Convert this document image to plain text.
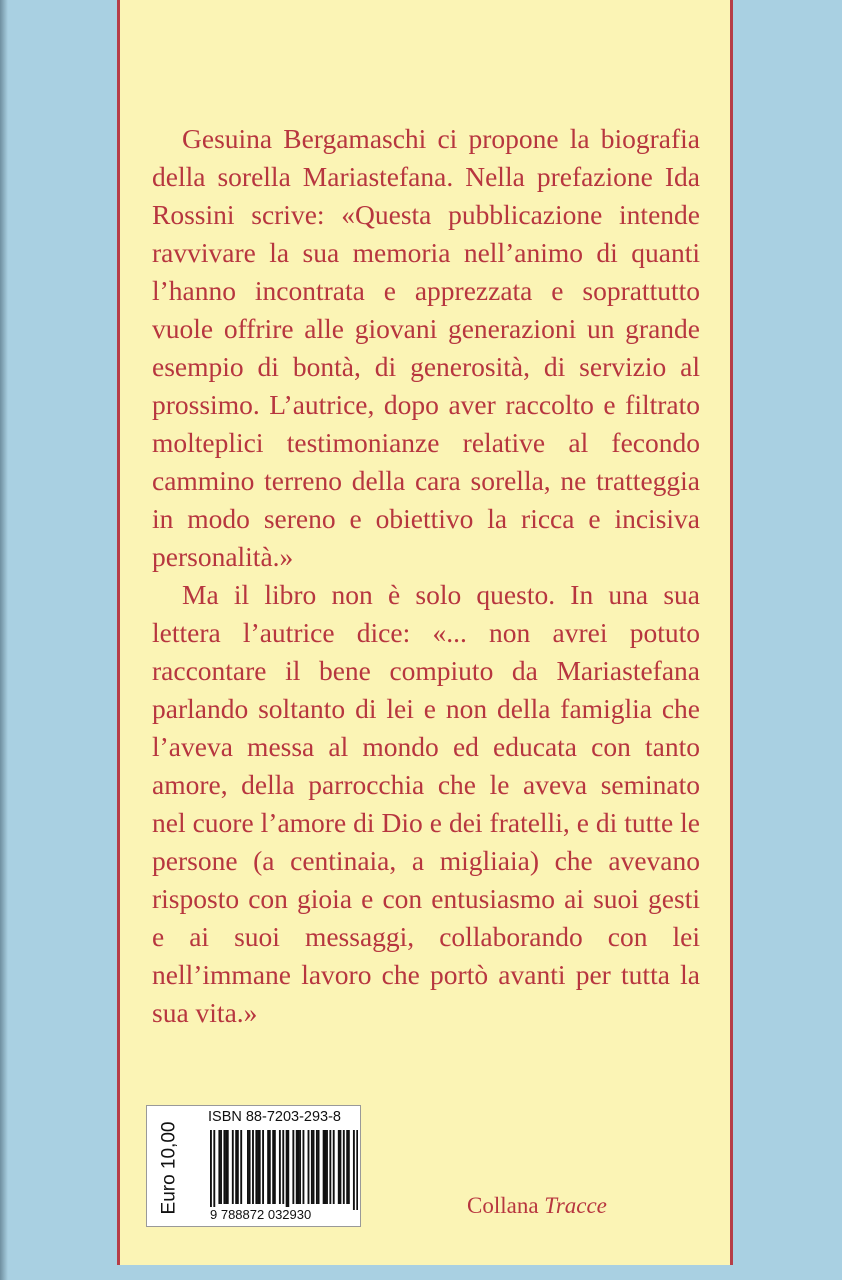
Gesuina Bergamaschi ci propone la biografia della sorella Mariastefana. Nella prefazione Ida Rossini scrive: «Questa pubblicazione intende ravvivare la sua memoria nell’animo di quanti l’hanno incontrata e apprezzata e soprattutto vuole offrire alle giovani generazioni un grande esempio di bontà, di generosità, di servizio al prossimo. L’autrice, dopo aver raccolto e filtrato molteplici testimonianze relative al fecondo cammino terreno della cara sorella, ne tratteggia in modo sereno e obiettivo la ricca e incisiva personalità.»

Ma il libro non è solo questo. In una sua lettera l’autrice dice: «... non avrei potuto raccontare il bene compiuto da Mariastefana parlando soltanto di lei e non della famiglia che l’aveva messa al mondo ed educata con tanto amore, della parrocchia che le aveva seminato nel cuore l’amore di Dio e dei fratelli, e di tutte le persone (a centinaia, a migliaia) che avevano risposto con gioia e con entusiasmo ai suoi gesti e ai suoi messaggi, collaborando con lei nell’immane lavoro che portò avanti per tutta la sua vita.»

Euro 10,00
ISBN 88-7203-293-8
9 788872 032930	Collana Tracce
